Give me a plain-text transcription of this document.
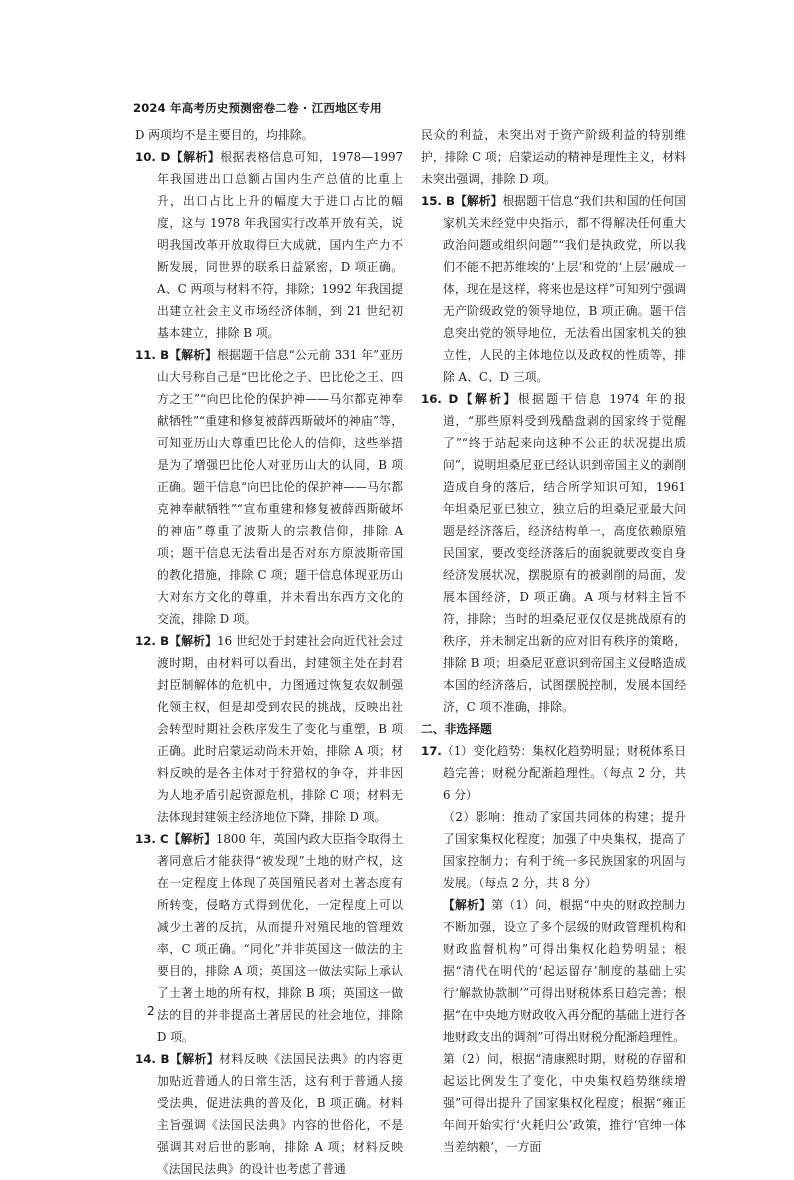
2024 年高考历史预测密卷二卷 · 江西地区专用

D 两项均不是主要目的，均排除。

10. D【解析】根据表格信息可知，1978—1997 年我国进出口总额占国内生产总值的比重上升，出口占比上升的幅度大于进口占比的幅度，这与 1978 年我国实行改革开放有关，说明我国改革开放取得巨大成就，国内生产力不断发展，同世界的联系日益紧密，D 项正确。A、C 两项与材料不符，排除；1992 年我国提出建立社会主义市场经济体制，到 21 世纪初基本建立，排除 B 项。

11. B【解析】根据题干信息“公元前 331 年”亚历山大号称自己是“巴比伦之子、巴比伦之王、四方之王”“向巴比伦的保护神——马尔都克神奉献牺牲”“重建和修复被薛西斯破坏的神庙”等，可知亚历山大尊重巴比伦人的信仰，这些举措是为了增强巴比伦人对亚历山大的认同，B 项正确。题干信息“向巴比伦的保护神——马尔都克神奉献牺牲”“宣布重建和修复被薛西斯破坏的神庙”尊重了波斯人的宗教信仰，排除 A 项；题干信息无法看出是否对东方原波斯帝国的教化措施，排除 C 项；题干信息体现亚历山大对东方文化的尊重，并未看出东西方文化的交流，排除 D 项。

12. B【解析】16 世纪处于封建社会向近代社会过渡时期，由材料可以看出，封建领主处在封君封臣制解体的危机中，力图通过恢复农奴制强化领主权，但是却受到农民的挑战，反映出社会转型时期社会秩序发生了变化与重塑，B 项正确。此时启蒙运动尚未开始，排除 A 项；材料反映的是各主体对于狩猎权的争夺，并非因为人地矛盾引起资源危机，排除 C 项；材料无法体现封建领主经济地位下降，排除 D 项。

13. C【解析】1800 年，英国内政大臣指令取得土著同意后才能获得“被发现”土地的财产权，这在一定程度上体现了英国殖民者对土著态度有所转变，侵略方式得到优化，一定程度上可以减少土著的反抗，从而提升对殖民地的管理效率，C 项正确。“同化”并非英国这一做法的主要目的，排除 A 项；英国这一做法实际上承认了土著土地的所有权，排除 B 项；英国这一做法的目的并非提高土著居民的社会地位，排除 D 项。

14. B【解析】材料反映《法国民法典》的内容更加贴近普通人的日常生活，这有利于普通人接受法典，促进法典的普及化，B 项正确。材料主旨强调《法国民法典》内容的世俗化，不是强调其对后世的影响，排除 A 项；材料反映《法国民法典》的设计也考虑了普通

民众的利益，未突出对于资产阶级利益的特别维护，排除 C 项；启蒙运动的精神是理性主义，材料未突出强调，排除 D 项。

15. B【解析】根据题干信息“我们共和国的任何国家机关未经党中央指示，都不得解决任何重大政治问题或组织问题”“我们是执政党，所以我们不能不把苏维埃的‘上层’和党的‘上层’融成一体，现在是这样，将来也是这样”可知列宁强调无产阶级政党的领导地位，B 项正确。题干信息突出党的领导地位，无法看出国家机关的独立性，人民的主体地位以及政权的性质等，排除 A、C、D 三项。

16. D【解析】根据题干信息 1974 年的报道，“那些原料受到残酷盘剥的国家终于觉醒了”“终于站起来向这种不公正的状况提出质问”，说明坦桑尼亚已经认识到帝国主义的剥削造成自身的落后，结合所学知识可知，1961 年坦桑尼亚已独立，独立后的坦桑尼亚最大问题是经济落后，经济结构单一，高度依赖原殖民国家，要改变经济落后的面貌就要改变自身经济发展状况，摆脱原有的被剥削的局面，发展本国经济，D 项正确。A 项与材料主旨不符，排除；当时的坦桑尼亚仅仅是挑战原有的秩序，并未制定出新的应对旧有秩序的策略，排除 B 项；坦桑尼亚意识到帝国主义侵略造成本国的经济落后，试图摆脱控制，发展本国经济，C 项不准确，排除。

二、非选择题

17.（1）变化趋势：集权化趋势明显；财税体系日趋完善；财税分配渐趋理性。（每点 2 分，共 6 分）

（2）影响：推动了家国共同体的构建；提升了国家集权化程度；加强了中央集权，提高了国家控制力；有利于统一多民族国家的巩固与发展。（每点 2 分，共 8 分）

【解析】第（1）问，根据“中央的财政控制力不断加强，设立了多个层级的财政管理机构和财政监督机构”可得出集权化趋势明显；根据“清代在明代的‘起运留存’制度的基础上实行‘解款协款制’”可得出财税体系日趋完善；根据“在中央地方财政收入再分配的基础上进行各地财政支出的调剂”可得出财税分配渐趋理性。

第（2）问，根据“清康熙时期，财税的存留和起运比例发生了变化，中央集权趋势继续增强”可得出提升了国家集权化程度；根据“雍正年间开始实行‘火耗归公’政策，推行‘官绅一体当差纳粮’，一方面

2
